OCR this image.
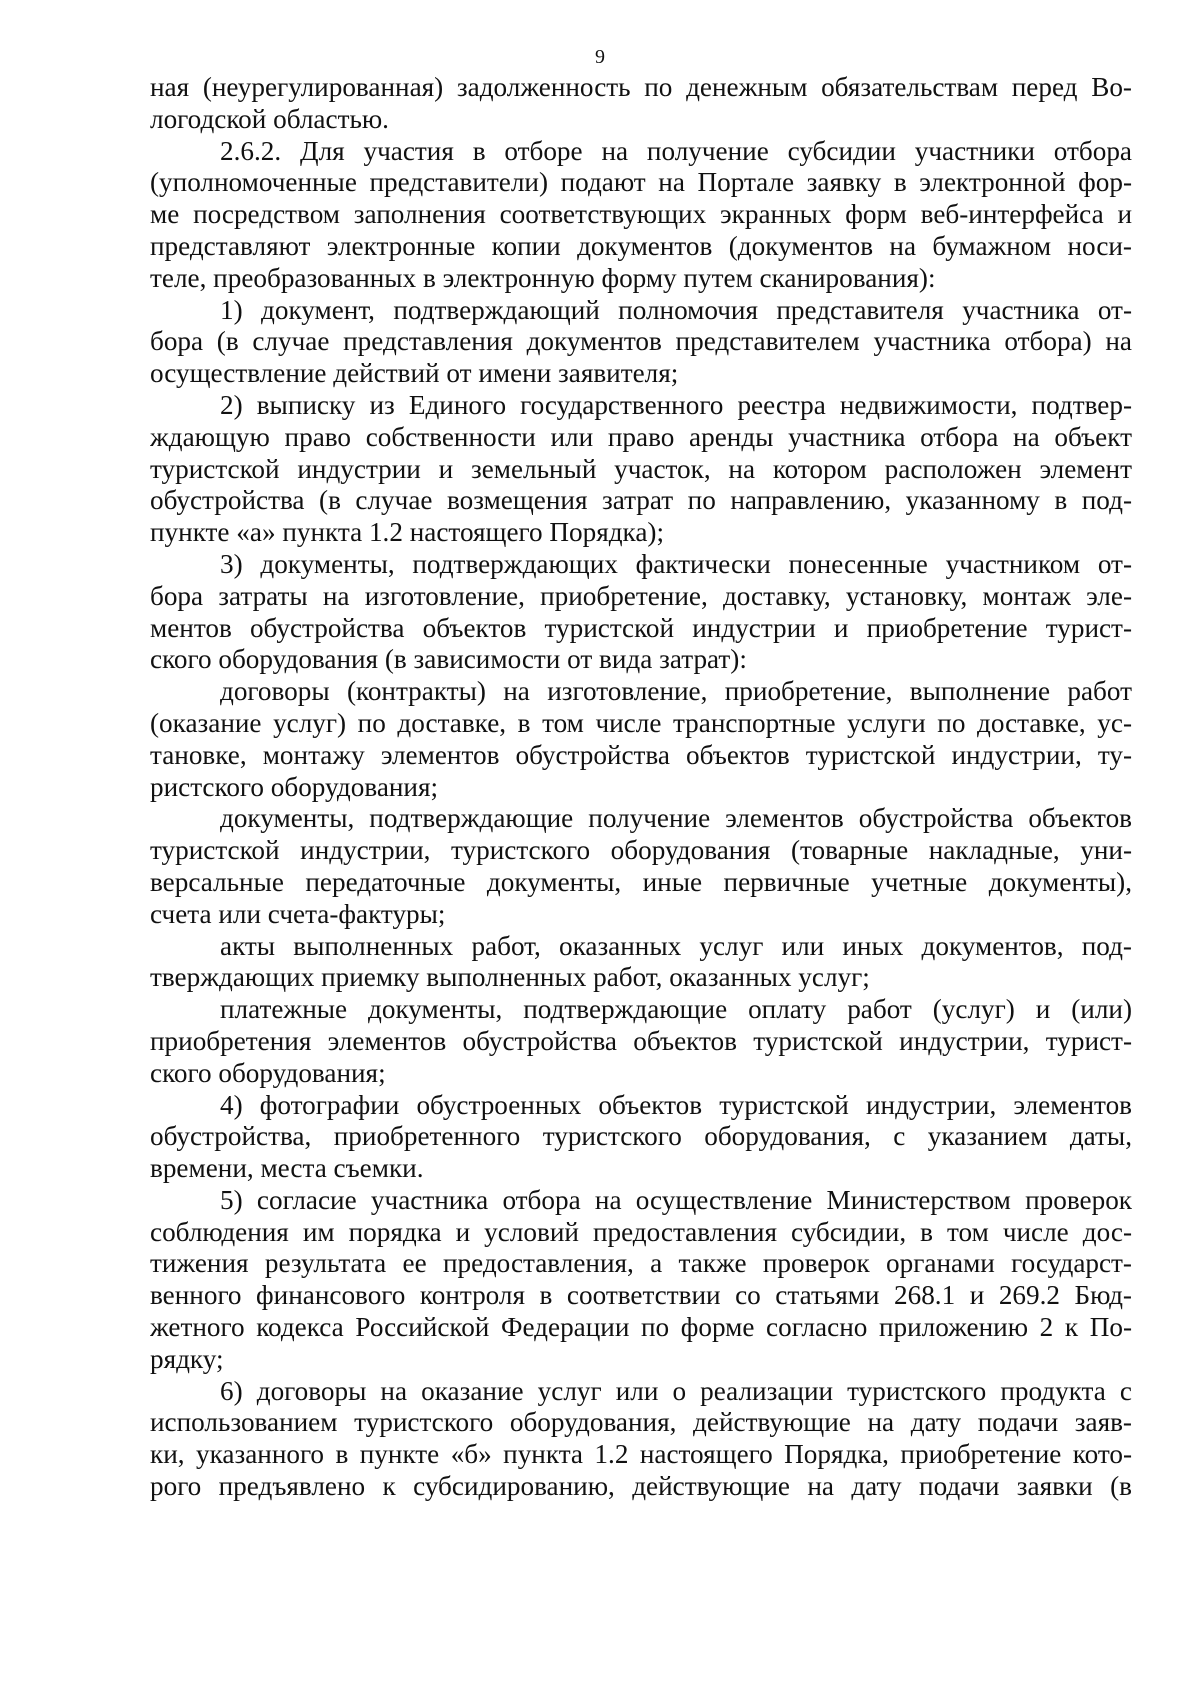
9

ная (неурегулированная) задолженность по денежным обязательствам перед Во-
логодской областью.

2.6.2. Для участия в отборе на получение субсидии участники отбора
(уполномоченные представители) подают на Портале заявку в электронной фор-
ме посредством заполнения соответствующих экранных форм веб-интерфейса и
представляют электронные копии документов (документов на бумажном носи-
теле, преобразованных в электронную форму путем сканирования):

1) документ, подтверждающий полномочия представителя участника от-
бора (в случае представления документов представителем участника отбора) на
осуществление действий от имени заявителя;

2) выписку из Единого государственного реестра недвижимости, подтвер-
ждающую право собственности или право аренды участника отбора на объект
туристской индустрии и земельный участок, на котором расположен элемент
обустройства (в случае возмещения затрат по направлению, указанному в под-
пункте «а» пункта 1.2 настоящего Порядка);

3) документы, подтверждающих фактически понесенные участником от-
бора затраты на изготовление, приобретение, доставку, установку, монтаж эле-
ментов обустройства объектов туристской индустрии и приобретение турист-
ского оборудования (в зависимости от вида затрат):

договоры (контракты) на изготовление, приобретение, выполнение работ
(оказание услуг) по доставке, в том числе транспортные услуги по доставке, ус-
тановке, монтажу элементов обустройства объектов туристской индустрии, ту-
ристского оборудования;

документы, подтверждающие получение элементов обустройства объектов
туристской индустрии, туристского оборудования (товарные накладные, уни-
версальные передаточные документы, иные первичные учетные документы),
счета или счета-фактуры;

акты выполненных работ, оказанных услуг или иных документов, под-
тверждающих приемку выполненных работ, оказанных услуг;

платежные документы, подтверждающие оплату работ (услуг) и (или)
приобретения элементов обустройства объектов туристской индустрии, турист-
ского оборудования;

4) фотографии обустроенных объектов туристской индустрии, элементов
обустройства, приобретенного туристского оборудования, с указанием даты,
времени, места съемки.

5) согласие участника отбора на осуществление Министерством проверок
соблюдения им порядка и условий предоставления субсидии, в том числе дос-
тижения результата ее предоставления, а также проверок органами государст-
венного финансового контроля в соответствии со статьями 268.1 и 269.2 Бюд-
жетного кодекса Российской Федерации по форме согласно приложению 2 к По-
рядку;

6) договоры на оказание услуг или о реализации туристского продукта с
использованием туристского оборудования, действующие на дату подачи заяв-
ки, указанного в пункте «б» пункта 1.2 настоящего Порядка, приобретение кото-
рого предъявлено к субсидированию, действующие на дату подачи заявки (в
